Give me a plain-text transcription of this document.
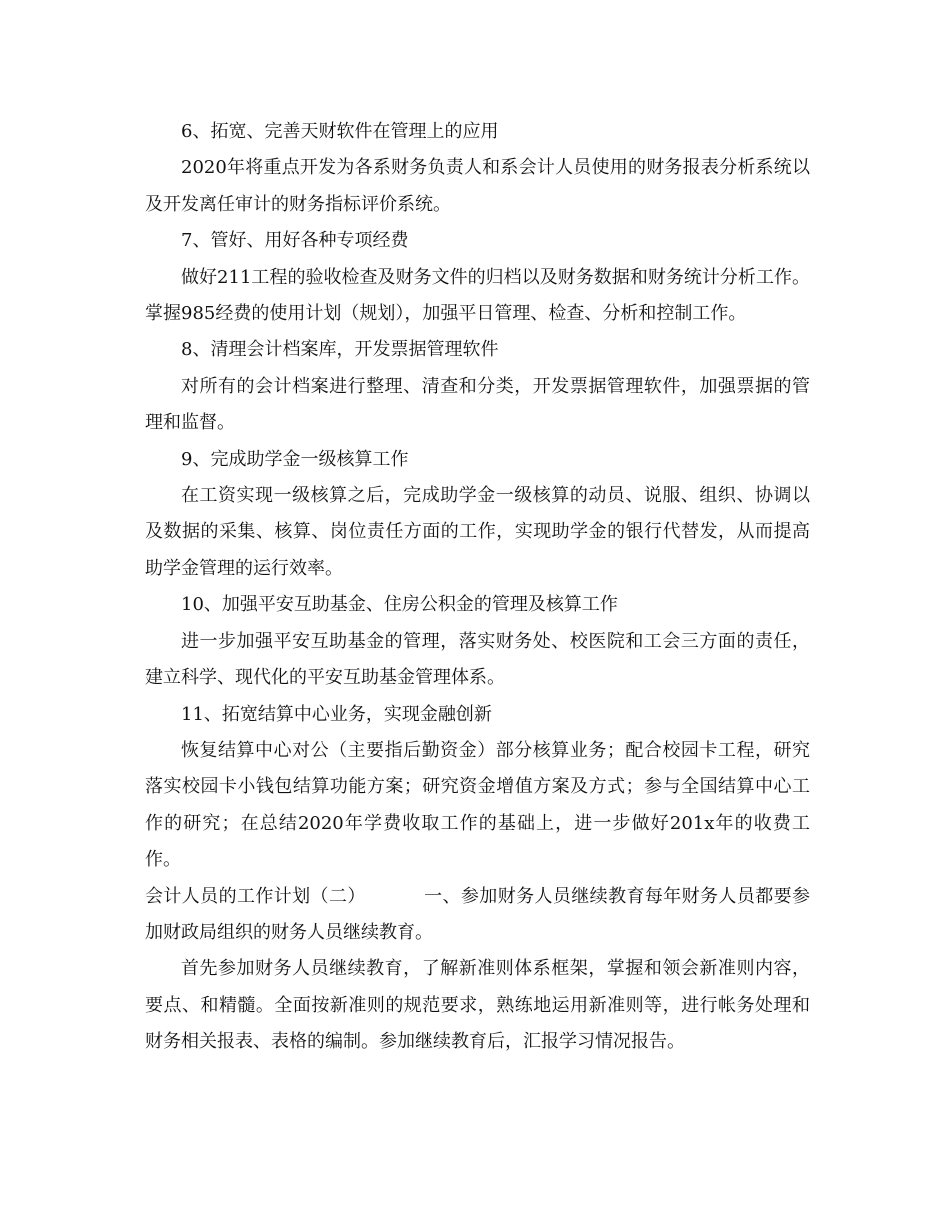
6、拓宽、完善天财软件在管理上的应用

2020年将重点开发为各系财务负责人和系会计人员使用的财务报表分析系统以及开发离任审计的财务指标评价系统。

7、管好、用好各种专项经费

做好211工程的验收检查及财务文件的归档以及财务数据和财务统计分析工作。掌握985经费的使用计划（规划），加强平日管理、检查、分析和控制工作。

8、清理会计档案库，开发票据管理软件

对所有的会计档案进行整理、清查和分类，开发票据管理软件，加强票据的管理和监督。

9、完成助学金一级核算工作

在工资实现一级核算之后，完成助学金一级核算的动员、说服、组织、协调以及数据的采集、核算、岗位责任方面的工作，实现助学金的银行代替发，从而提高助学金管理的运行效率。

10、加强平安互助基金、住房公积金的管理及核算工作

进一步加强平安互助基金的管理，落实财务处、校医院和工会三方面的责任，建立科学、现代化的平安互助基金管理体系。

11、拓宽结算中心业务，实现金融创新

恢复结算中心对公（主要指后勤资金）部分核算业务；配合校园卡工程，研究落实校园卡小钱包结算功能方案；研究资金增值方案及方式；参与全国结算中心工作的研究；在总结2020年学费收取工作的基础上，进一步做好201x年的收费工作。

会计人员的工作计划（二）	一、参加财务人员继续教育每年财务人员都要参加财政局组织的财务人员继续教育。

首先参加财务人员继续教育，了解新准则体系框架，掌握和领会新准则内容，要点、和精髓。全面按新准则的规范要求，熟练地运用新准则等，进行帐务处理和财务相关报表、表格的编制。参加继续教育后，汇报学习情况报告。
